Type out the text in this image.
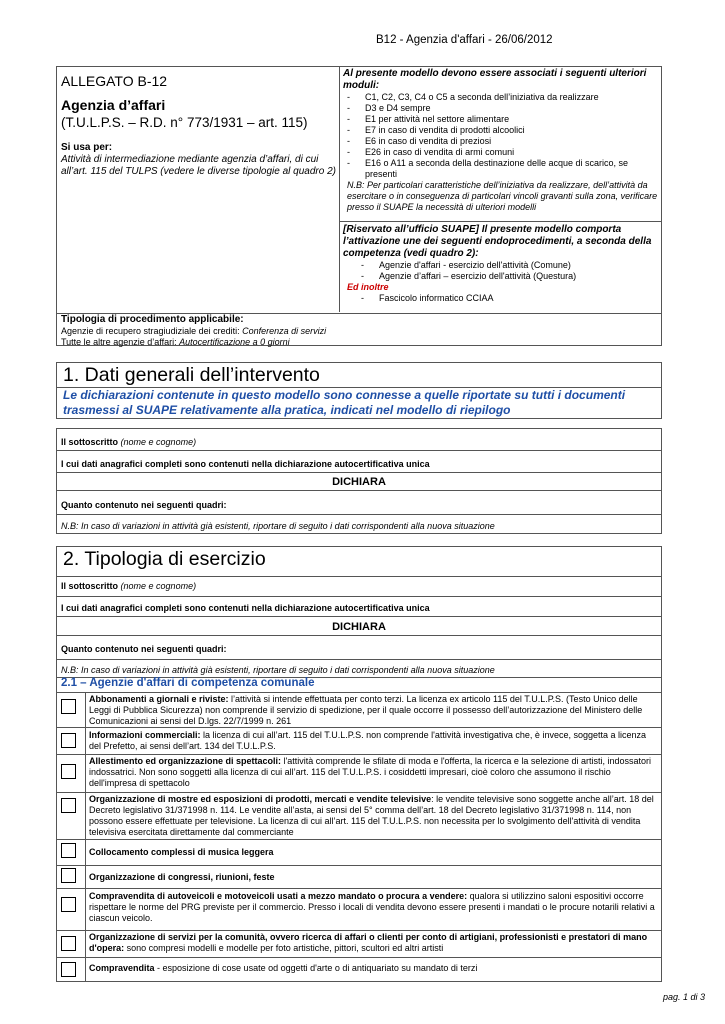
B12 - Agenzia d'affari - 26/06/2012
ALLEGATO B-12
Agenzia d’affari
(T.U.L.P.S. – R.D. n° 773/1931 – art. 115)
Si usa per:
Attività di intermediazione mediante agenzia d’affari, di cui all’art. 115 del TULPS (vedere le diverse tipologie al quadro 2)
Al presente modello devono essere associati i seguenti ulteriori moduli:
- C1, C2, C3, C4 o C5 a seconda dell’iniziativa da realizzare
- D3 e D4 sempre
- E1 per attività nel settore alimentare
- E7 in caso di vendita di prodotti alcoolici
- E6 in caso di vendita di preziosi
- E26 in caso di vendita di armi comuni
- E16 o A11 a seconda della destinazione delle acque di scarico, se presenti
N.B: Per particolari caratteristiche dell’iniziativa da realizzare, dell’attività da esercitare o in conseguenza di particolari vincoli gravanti sulla zona, verificare presso il SUAPE la necessità di ulteriori modelli
[Riservato all’ufficio SUAPE] Il presente modello comporta l’attivazione une dei seguenti endoprocedimenti, a seconda della competenza (vedi quadro 2):
- Agenzie d'affari - esercizio dell'attività (Comune)
- Agenzie d’affari – esercizio dell'attività (Questura)
Ed inoltre
- Fascicolo informatico CCIAA
Tipologia di procedimento applicabile:
Agenzie di recupero stragiudiziale dei crediti: Conferenza di servizi
Tutte le altre agenzie d’affari: Autocertificazione a 0 giorni
1. Dati generali dell’intervento
Le dichiarazioni contenute in questo modello sono connesse a quelle riportate su tutti i documenti trasmessi al SUAPE relativamente alla pratica, indicati nel modello di riepilogo
Il sottoscritto (nome e cognome)
I cui dati anagrafici completi sono contenuti nella dichiarazione autocertificativa unica
DICHIARA
Quanto contenuto nei seguenti quadri:
N.B: In caso di variazioni in attività già esistenti, riportare di seguito i dati corrispondenti alla nuova situazione
2. Tipologia di esercizio
Il sottoscritto (nome e cognome)
I cui dati anagrafici completi sono contenuti nella dichiarazione autocertificativa unica
DICHIARA
Quanto contenuto nei seguenti quadri:
N.B: In caso di variazioni in attività già esistenti, riportare di seguito i dati corrispondenti alla nuova situazione
2.1 – Agenzie d'affari di competenza comunale
Abbonamenti a giornali e riviste: l’attività si intende effettuata per conto terzi. La licenza ex articolo 115 del T.U.L.P.S. (Testo Unico delle Leggi di Pubblica Sicurezza) non comprende il servizio di spedizione, per il quale occorre il possesso dell’autorizzazione del Ministero delle Comunicazioni ai sensi del D.lgs. 22/7/1999 n. 261
Informazioni commerciali: la licenza di cui all’art. 115 del T.U.L.P.S. non comprende l'attività investigativa che, è invece, soggetta a licenza del Prefetto, ai sensi dell’art. 134 del T.U.L.P.S.
Allestimento ed organizzazione di spettacoli: l'attività comprende le sfilate di moda e l'offerta, la ricerca e la selezione di artisti, indossatori indossatrici. Non sono soggetti alla licenza di cui all’art. 115 del T.U.L.P.S. i cosiddetti impresari, cioè coloro che assumono il rischio dell'impresa di spettacolo
Organizzazione di mostre ed esposizioni di prodotti, mercati e vendite televisive: le vendite televisive sono soggette anche all’art. 18 del Decreto legislativo 31/371998 n. 114. Le vendite all’asta, ai sensi del 5° comma dell’art. 18 del Decreto legislativo 31/371998 n. 114, non possono essere effettuate per televisione. La licenza di cui all’art. 115 del T.U.L.P.S. non necessita per lo svolgimento dell'attività di vendita televisiva esercitata direttamente dal commerciante
Collocamento complessi di musica leggera
Organizzazione di congressi, riunioni, feste
Compravendita di autoveicoli e motoveicoli usati a mezzo mandato o procura a vendere: qualora si utilizzino saloni espositivi occorre rispettare le norme del PRG previste per il commercio. Presso i locali di vendita devono essere presenti i mandati o le procure notarili relativi a ciascun veicolo.
Organizzazione di servizi per la comunità, ovvero ricerca di affari o clienti per conto di artigiani, professionisti e prestatori di mano d'opera: sono compresi modelli e modelle per foto artistiche, pittori, scultori ed altri artisti
Compravendita - esposizione di cose usate od oggetti d'arte o di antiquariato su mandato di terzi
pag. 1 di 3
